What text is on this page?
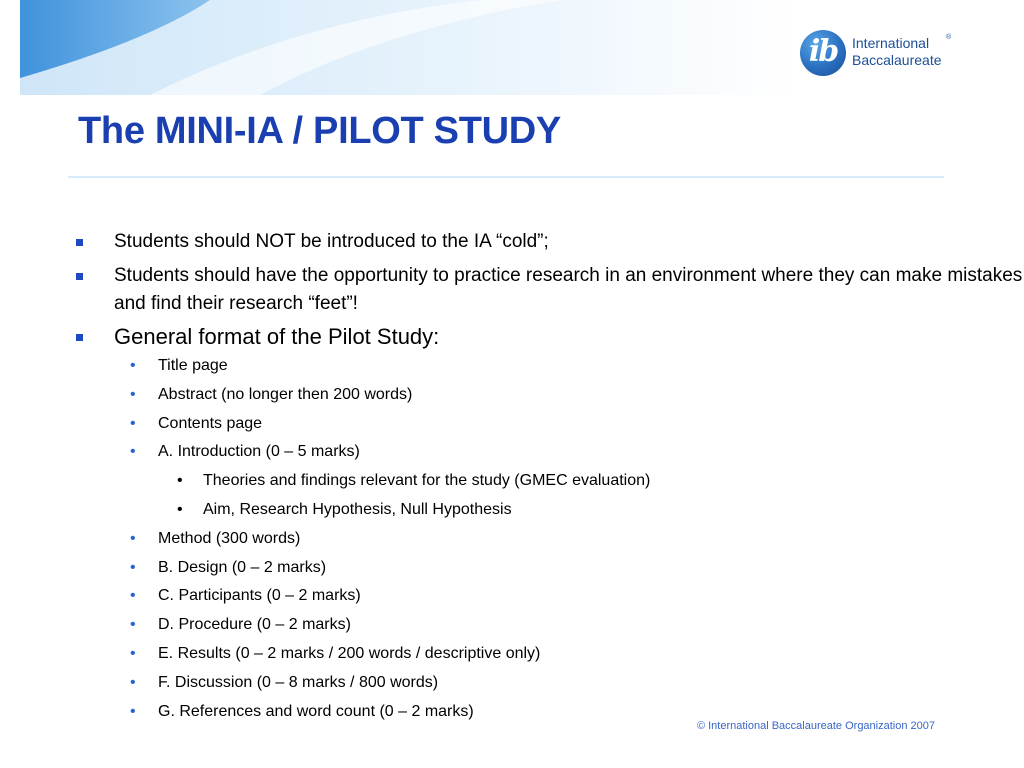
ib	International
Baccalaureate
®
The MINI-IA / PILOT STUDY
Students should NOT be introduced to the IA “cold”;
Students should have the opportunity to practice research in an environment where they can make mistakes and find their research “feet”!
General format of the Pilot Study:
• Title page
• Abstract (no longer then 200 words)
• Contents page
• A. Introduction (0 – 5 marks)
• Theories and findings relevant for the study (GMEC evaluation)
• Aim, Research Hypothesis, Null Hypothesis
• Method (300 words)
• B. Design (0 – 2 marks)
• C. Participants (0 – 2 marks)
• D. Procedure (0 – 2 marks)
• E. Results (0 – 2 marks / 200 words / descriptive only)
• F. Discussion (0 – 8 marks / 800 words)
• G. References and word count (0 – 2 marks)
© International Baccalaureate Organization 2007
